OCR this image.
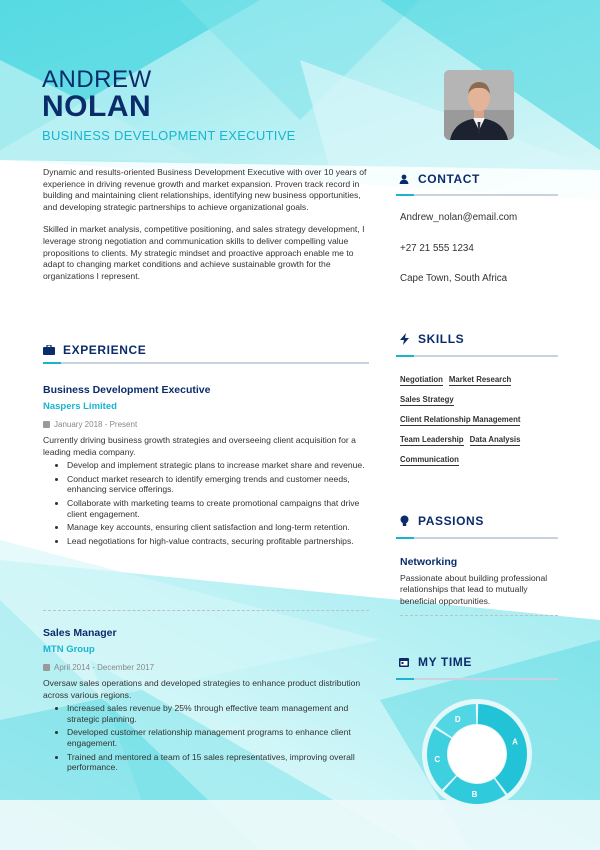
ANDREW
NOLAN
BUSINESS DEVELOPMENT EXECUTIVE

Dynamic and results-oriented Business Development Executive with over 10 years of experience in driving revenue growth and market expansion. Proven track record in building and maintaining client relationships, identifying new business opportunities, and developing strategic partnerships to achieve organizational goals.

Skilled in market analysis, competitive positioning, and sales strategy development, I leverage strong negotiation and communication skills to deliver compelling value propositions to clients. My strategic mindset and proactive approach enable me to adapt to changing market conditions and achieve sustainable growth for the organizations I represent.

EXPERIENCE
Business Development Executive
Naspers Limited
January 2018 - Present
Currently driving business growth strategies and overseeing client acquisition for a leading media company.
Develop and implement strategic plans to increase market share and revenue.
Conduct market research to identify emerging trends and customer needs, enhancing service offerings.
Collaborate with marketing teams to create promotional campaigns that drive client engagement.
Manage key accounts, ensuring client satisfaction and long-term retention.
Lead negotiations for high-value contracts, securing profitable partnerships.
Sales Manager
MTN Group
April 2014 - December 2017
Oversaw sales operations and developed strategies to enhance product distribution across various regions.
Increased sales revenue by 25% through effective team management and strategic planning.
Developed customer relationship management programs to enhance client engagement.
Trained and mentored a team of 15 sales representatives, improving overall performance.
CONTACT
Andrew_nolan@email.com
+27 21 555 1234
Cape Town, South Africa
SKILLS
Negotiation Market Research
Sales Strategy
Client Relationship Management
Team Leadership Data Analysis
Communication
PASSIONS
Networking
Passionate about building professional relationships that lead to mutually beneficial opportunities.
MY TIME
A
B
C
D
